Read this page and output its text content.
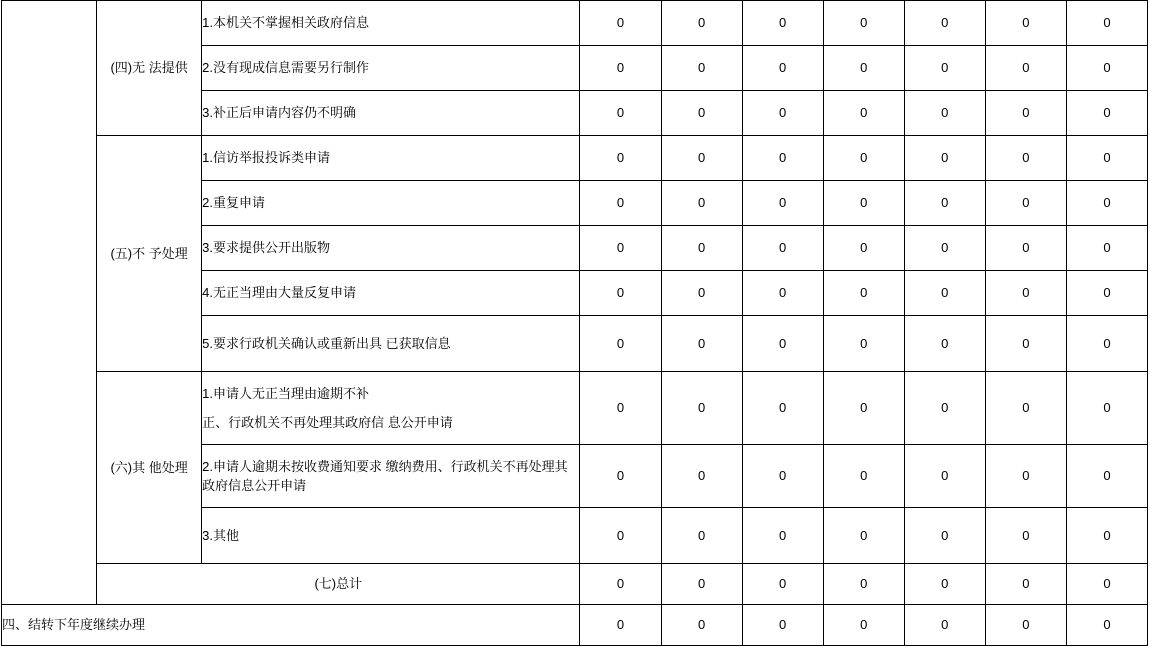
	(四)无 法提供	1.本机关不掌握相关政府信息	0	0	0	0	0	0	0
		2.没有现成信息需要另行制作	0	0	0	0	0	0	0
		3.补正后申请内容仍不明确	0	0	0	0	0	0	0
	(五)不 予处理	1.信访举报投诉类申请	0	0	0	0	0	0	0
		2.重复申请	0	0	0	0	0	0	0
		3.要求提供公开出版物	0	0	0	0	0	0	0
		4.无正当理由大量反复申请	0	0	0	0	0	0	0
		5.要求行政机关确认或重新出具 已获取信息	0	0	0	0	0	0	0
	(六)其 他处理	1.申请人无正当理由逾期不补
正、行政机关不再处理其政府信 息公开申请	0	0	0	0	0	0	0
		2.申请人逾期未按收费通知要求 缴纳费用、行政机关不再处理其 政府信息公开申请	0	0	0	0	0	0	0
		3.其他	0	0	0	0	0	0	0
	(七)总计		0	0	0	0	0	0	0
四、结转下年度继续办理			0	0	0	0	0	0	0
